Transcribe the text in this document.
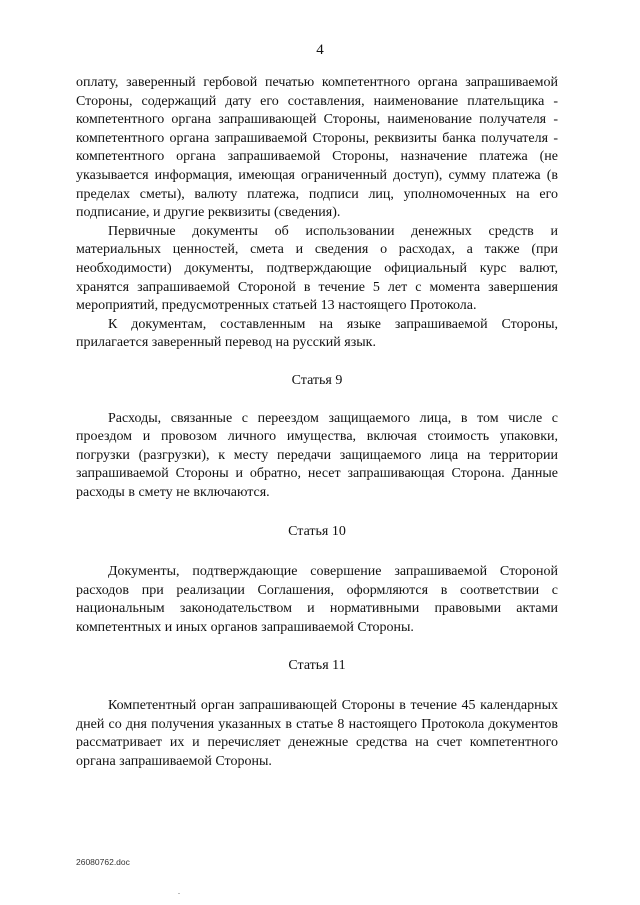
4

оплату, заверенный гербовой печатью компетентного органа запрашиваемой Стороны, содержащий дату его составления, наименование плательщика - компетентного органа запрашивающей Стороны, наименование получателя - компетентного органа запрашиваемой Стороны, реквизиты банка получателя - компетентного органа запрашиваемой Стороны, назначение платежа (не указывается информация, имеющая ограниченный доступ), сумму платежа (в пределах сметы), валюту платежа, подписи лиц, уполномоченных на его подписание, и другие реквизиты (сведения).

Первичные документы об использовании денежных средств и материальных ценностей, смета и сведения о расходах, а также (при необходимости) документы, подтверждающие официальный курс валют, хранятся запрашиваемой Стороной в течение 5 лет с момента завершения мероприятий, предусмотренных статьей 13 настоящего Протокола.

К документам, составленным на языке запрашиваемой Стороны, прилагается заверенный перевод на русский язык.

Статья 9

Расходы, связанные с переездом защищаемого лица, в том числе с проездом и провозом личного имущества, включая стоимость упаковки, погрузки (разгрузки), к месту передачи защищаемого лица на территории запрашиваемой Стороны и обратно, несет запрашивающая Сторона. Данные расходы в смету не включаются.

Статья 10

Документы, подтверждающие совершение запрашиваемой Стороной расходов при реализации Соглашения, оформляются в соответствии с национальным законодательством и нормативными правовыми актами компетентных и иных органов запрашиваемой Стороны.

Статья 11

Компетентный орган запрашивающей Стороны в течение 45 календарных дней со дня получения указанных в статье 8 настоящего Протокола документов рассматривает их и перечисляет денежные средства на счет компетентного органа запрашиваемой Стороны.

26080762.doc
